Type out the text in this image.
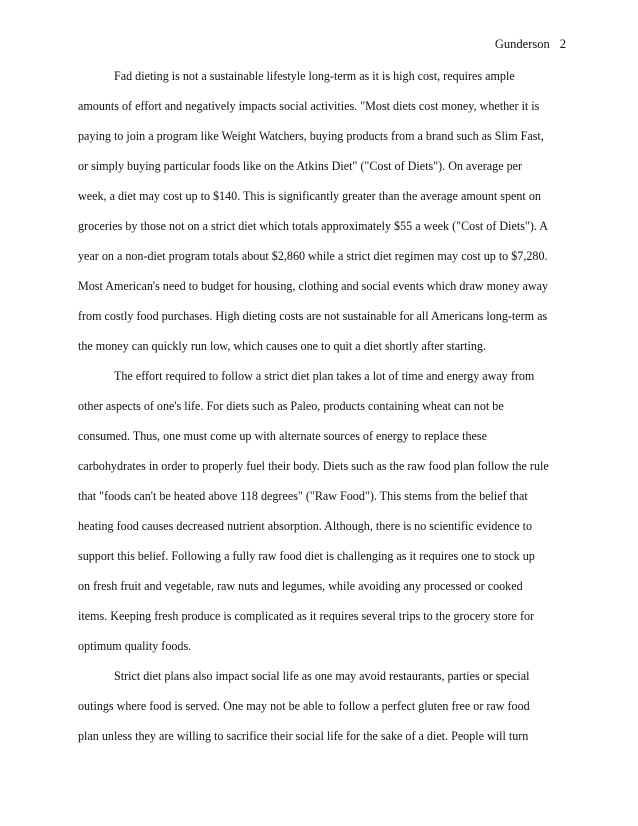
Gunderson 2
Fad dieting is not a sustainable lifestyle long-term as it is high cost, requires ample
amounts of effort and negatively impacts social activities. "Most diets cost money, whether it is
paying to join a program like Weight Watchers, buying products from a brand such as Slim Fast,
or simply buying particular foods like on the Atkins Diet" ("Cost of Diets"). On average per
week, a diet may cost up to $140. This is significantly greater than the average amount spent on
groceries by those not on a strict diet which totals approximately $55 a week ("Cost of Diets"). A
year on a non-diet program totals about $2,860 while a strict diet regimen may cost up to $7,280.
Most American's need to budget for housing, clothing and social events which draw money away
from costly food purchases. High dieting costs are not sustainable for all Americans long-term as
the money can quickly run low, which causes one to quit a diet shortly after starting.
The effort required to follow a strict diet plan takes a lot of time and energy away from
other aspects of one's life. For diets such as Paleo, products containing wheat can not be
consumed. Thus, one must come up with alternate sources of energy to replace these
carbohydrates in order to properly fuel their body. Diets such as the raw food plan follow the rule
that "foods can't be heated above 118 degrees" ("Raw Food"). This stems from the belief that
heating food causes decreased nutrient absorption. Although, there is no scientific evidence to
support this belief. Following a fully raw food diet is challenging as it requires one to stock up
on fresh fruit and vegetable, raw nuts and legumes, while avoiding any processed or cooked
items. Keeping fresh produce is complicated as it requires several trips to the grocery store for
optimum quality foods.
Strict diet plans also impact social life as one may avoid restaurants, parties or special
outings where food is served. One may not be able to follow a perfect gluten free or raw food
plan unless they are willing to sacrifice their social life for the sake of a diet. People will turn
